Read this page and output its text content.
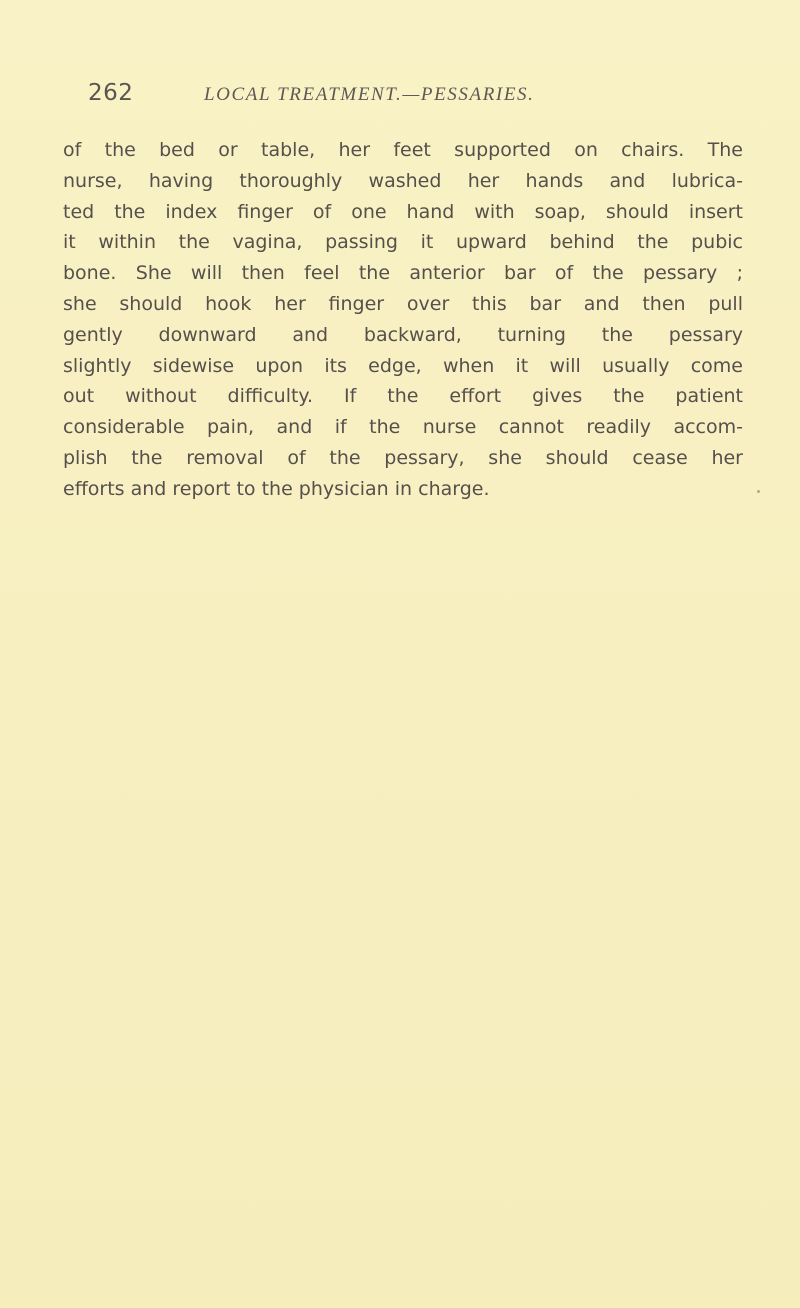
262	LOCAL TREATMENT.—PESSARIES.
of the bed or table, her feet supported on chairs. The
nurse, having thoroughly washed her hands and lubrica-
ted the index finger of one hand with soap, should insert
it within the vagina, passing it upward behind the pubic
bone. She will then feel the anterior bar of the pessary ;
she should hook her finger over this bar and then pull
gently downward and backward, turning the pessary
slightly sidewise upon its edge, when it will usually come
out without difficulty. If the effort gives the patient
considerable pain, and if the nurse cannot readily accom-
plish the removal of the pessary, she should cease her
efforts and report to the physician in charge.
